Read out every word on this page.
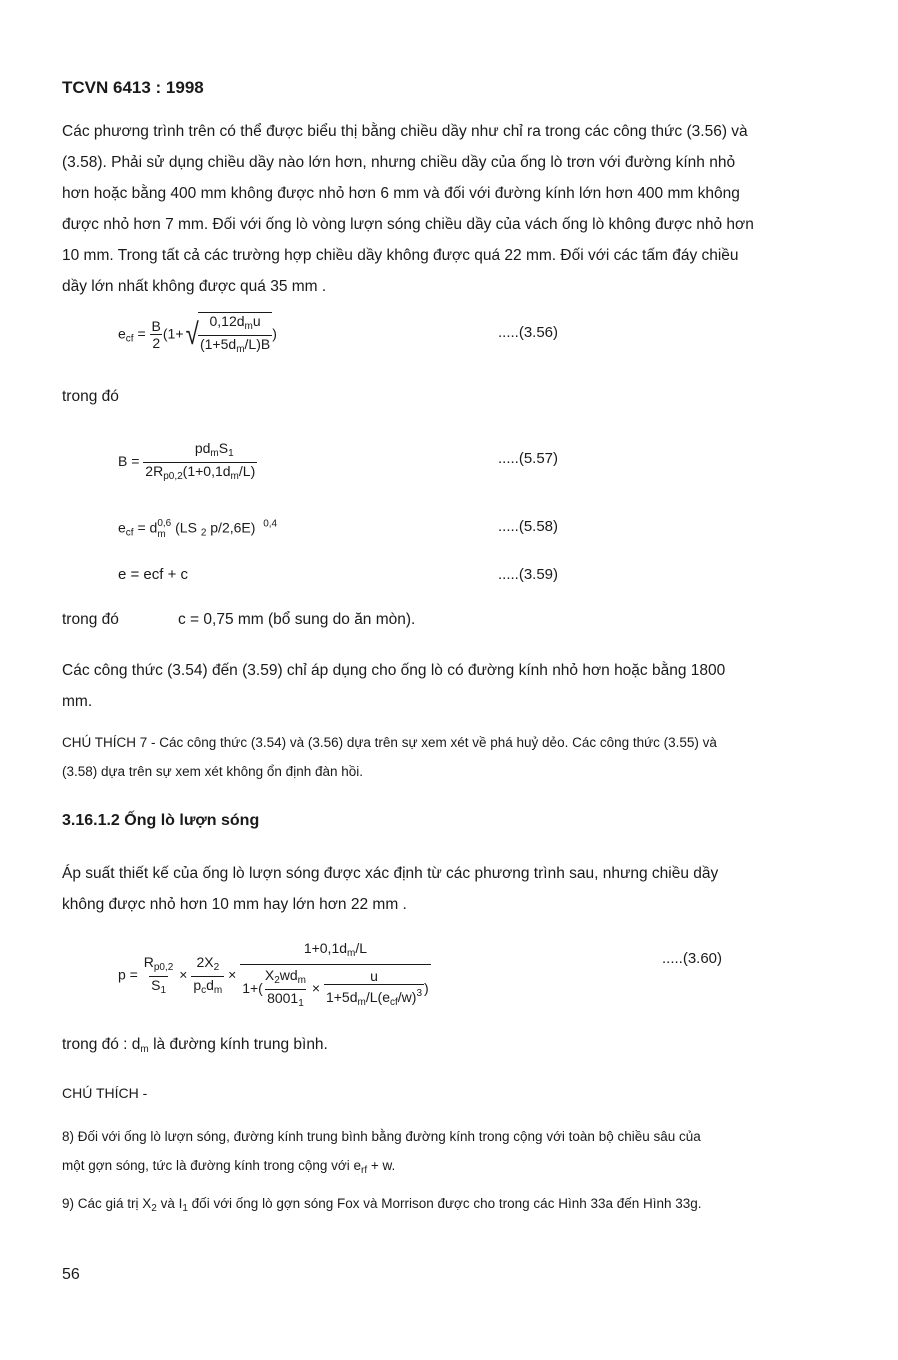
TCVN 6413 : 1998
Các phương trình trên có thể được biểu thị bằng chiều dầy như chỉ ra trong các công thức (3.56) và
(3.58). Phải sử dụng chiều dầy nào lớn hơn, nhưng chiều dầy của ống lò trơn với đường kính nhỏ
hơn hoặc bằng 400 mm không được nhỏ hơn 6 mm và đối với đường kính lớn hơn 400 mm không
được nhỏ hơn 7 mm. Đối với ống lò vòng lượn sóng chiều dầy của vách ống lò không được nhỏ hơn
10 mm. Trong tất cả các trường hợp chiều dầy không được quá 22 mm. Đối với các tấm đáy chiều
dầy lớn nhất không được quá 35 mm .
$e_{cf} = \frac{B}{2} (1+$ √ $\frac{0,12d_mu}{(1+5d_m/L)B}$ )	.....(3.56)
trong đó
$B = \frac{pd_mS_1}{2R_{p0,2}(1+0,1d_m/L)}$	.....(5.57)
$e_{cf} = d$ 0,6
m (LS $_2$ p/2,6E) $^{0,4}$	.....(5.58)
e = ecf + c	.....(3.59)
trong đó	c = 0,75 mm (bổ sung do ăn mòn).
Các công thức (3.54) đến (3.59) chỉ áp dụng cho ống lò có đường kính nhỏ hơn hoặc bằng 1800
mm.
CHÚ THÍCH 7 - Các công thức (3.54) và (3.56) dựa trên sự xem xét về phá huỷ dẻo. Các công thức (3.55) và
(3.58) dựa trên sự xem xét không ổn định đàn hồi.
3.16.1.2 Ống lò lượn sóng
Áp suất thiết kế của ống lò lượn sóng được xác định từ các phương trình sau, nhưng chiều dầy
không được nhỏ hơn 10 mm hay lớn hơn 22 mm .
$p = \frac{R_{p0,2}}{S_1} \times \frac{2X_2}{p_cd_m} \times \frac{1+0,1d_m/L}{1+( \frac{X_2wd_m}{8001_1} \times \frac{u}{1+5d_m/L(e_{cf}/w)^3} )}$	.....(3.60)
trong đó : $d_m$ là đường kính trung bình.
CHÚ THÍCH -
8) Đối với ống lò lượn sóng, đường kính trung bình bằng đường kính trong cộng với toàn bộ chiều sâu của
một gợn sóng, tức là đường kính trong cộng với $e_{rf} + w$.
9) Các giá trị $X_2$ và $I_1$ đối với ống lò gợn sóng Fox và Morrison được cho trong các Hình 33a đến Hình 33g.
56
